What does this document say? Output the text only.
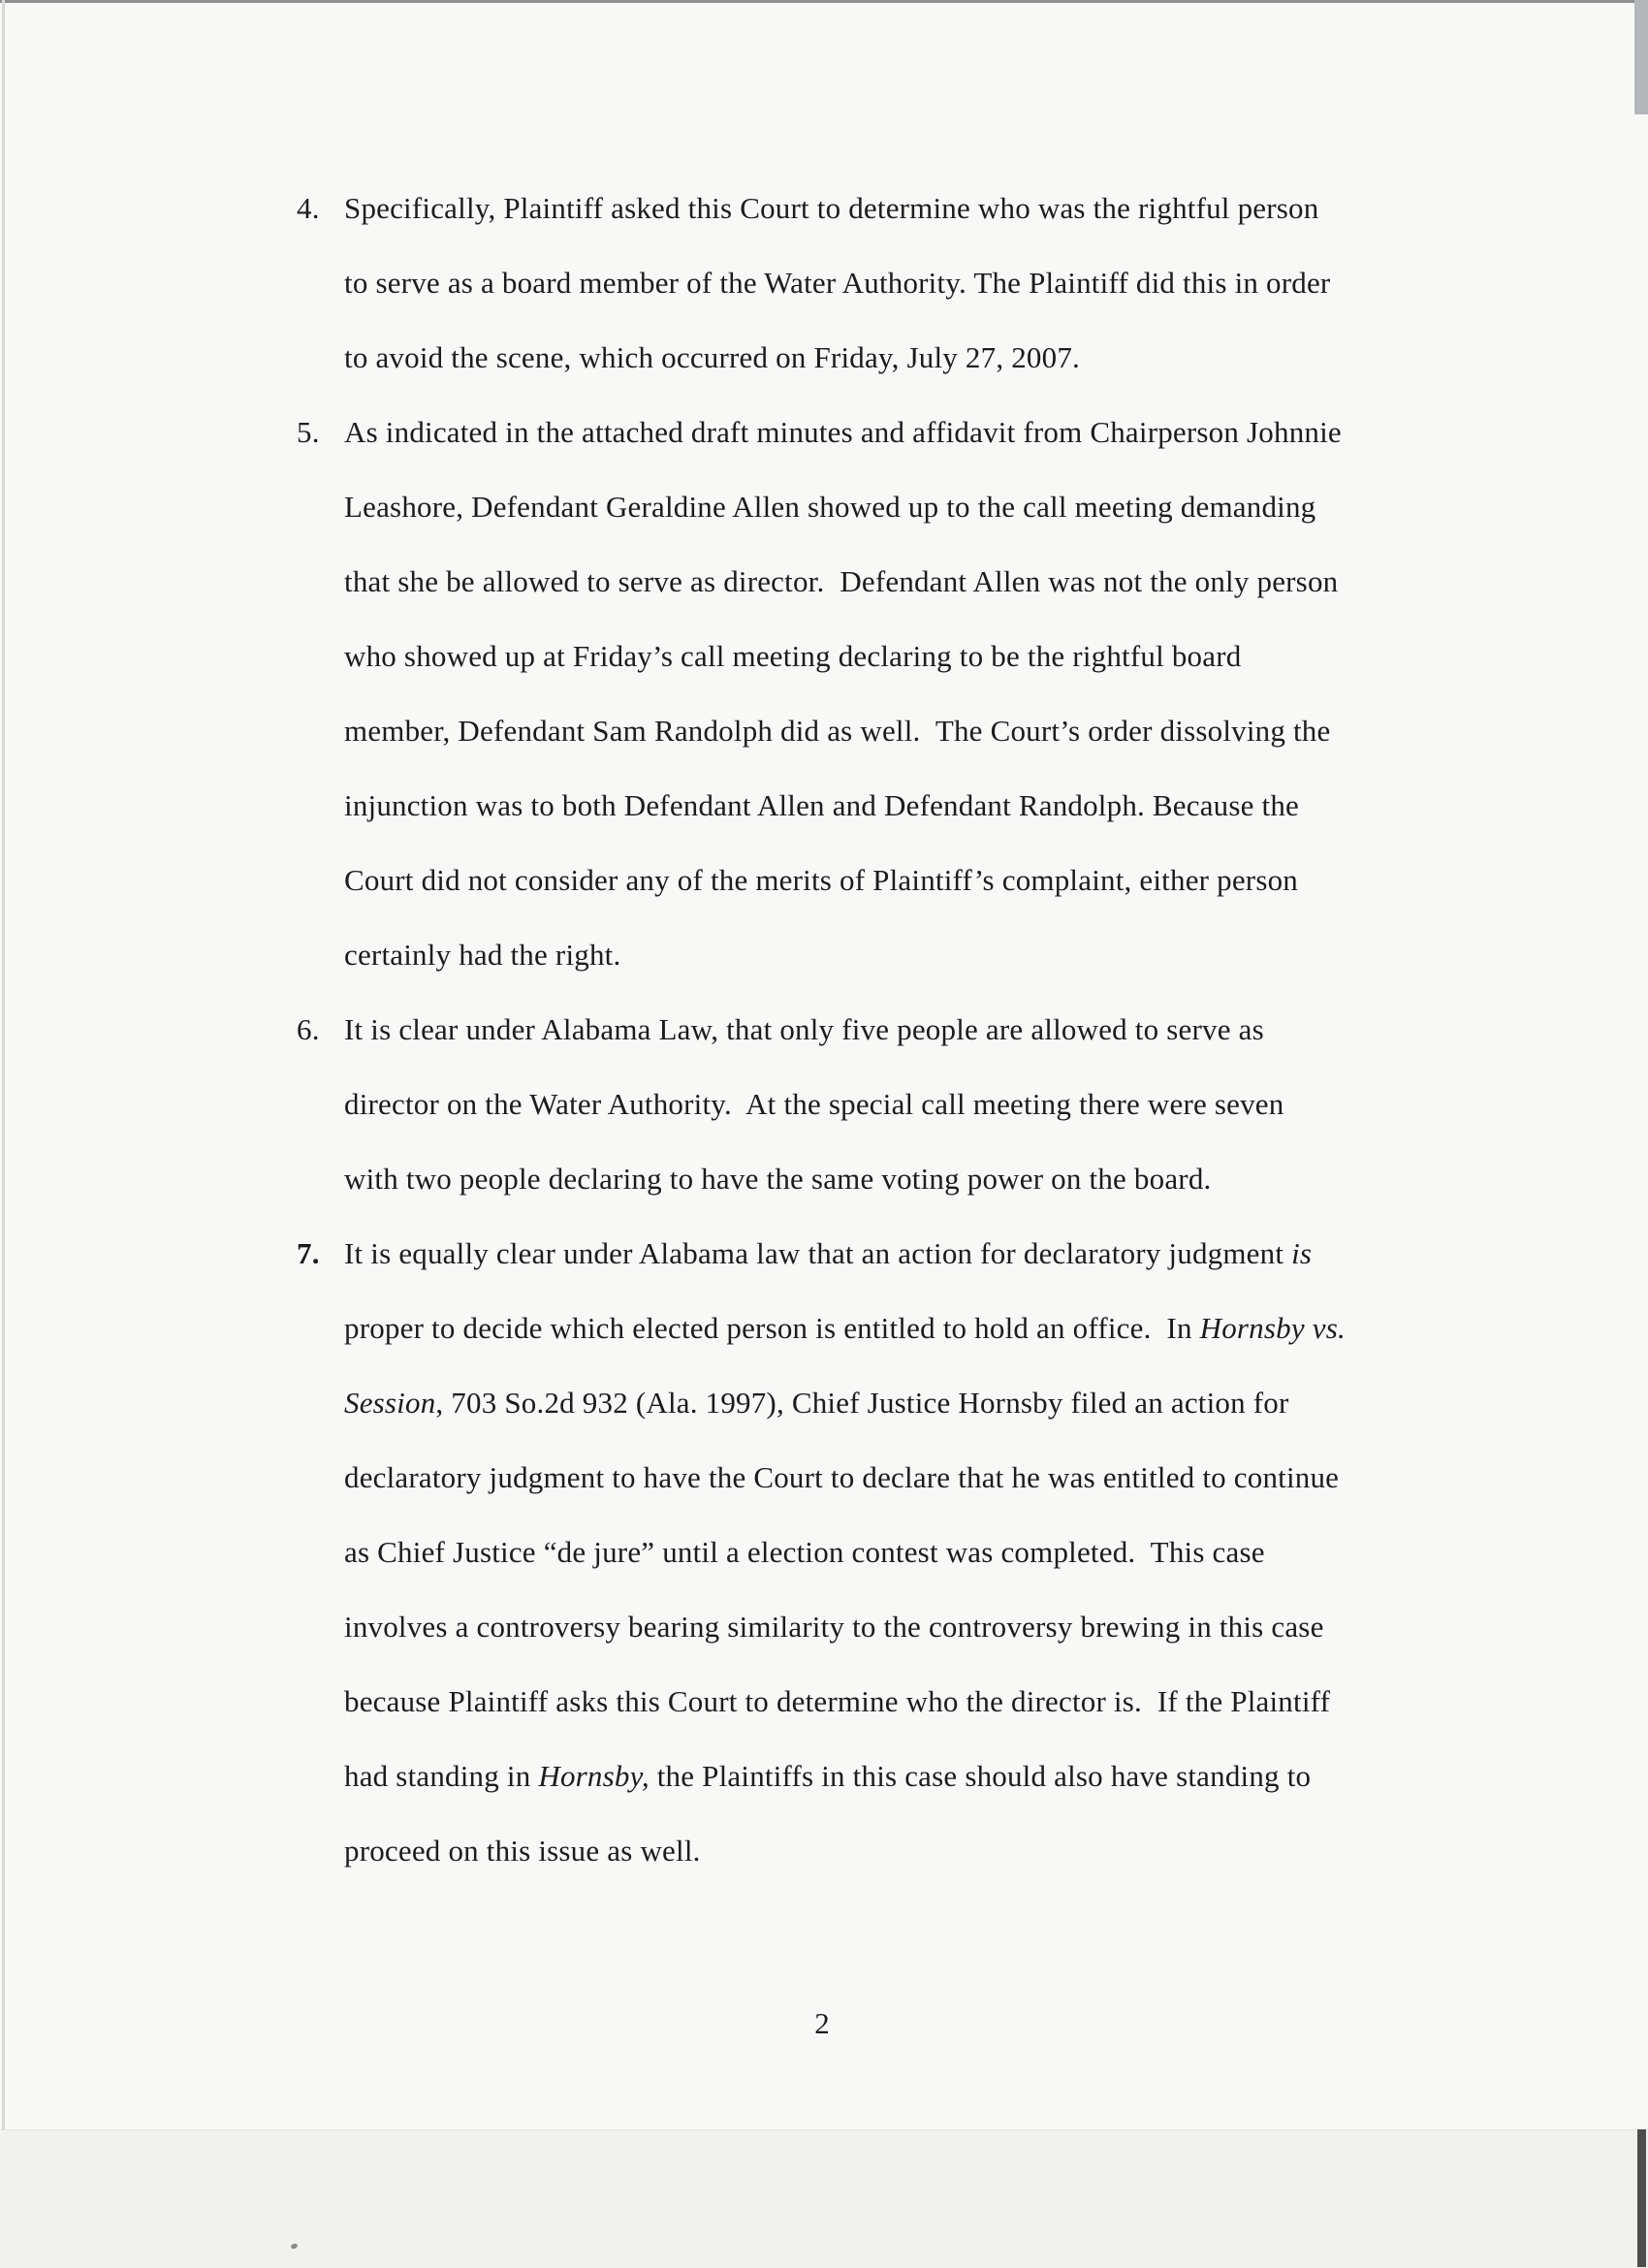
4. Specifically, Plaintiff asked this Court to determine who was the rightful person
to serve as a board member of the Water Authority. The Plaintiff did this in order
to avoid the scene, which occurred on Friday, July 27, 2007.
5. As indicated in the attached draft minutes and affidavit from Chairperson Johnnie
Leashore, Defendant Geraldine Allen showed up to the call meeting demanding
that she be allowed to serve as director.  Defendant Allen was not the only person
who showed up at Friday’s call meeting declaring to be the rightful board
member, Defendant Sam Randolph did as well.  The Court’s order dissolving the
injunction was to both Defendant Allen and Defendant Randolph. Because the
Court did not consider any of the merits of Plaintiff’s complaint, either person
certainly had the right.
6. It is clear under Alabama Law, that only five people are allowed to serve as
director on the Water Authority.  At the special call meeting there were seven
with two people declaring to have the same voting power on the board.
7. It is equally clear under Alabama law that an action for declaratory judgment is
proper to decide which elected person is entitled to hold an office.  In Hornsby vs.
Session, 703 So.2d 932 (Ala. 1997), Chief Justice Hornsby filed an action for
declaratory judgment to have the Court to declare that he was entitled to continue
as Chief Justice “de jure” until a election contest was completed.  This case
involves a controversy bearing similarity to the controversy brewing in this case
because Plaintiff asks this Court to determine who the director is.  If the Plaintiff
had standing in Hornsby, the Plaintiffs in this case should also have standing to
proceed on this issue as well.
2
